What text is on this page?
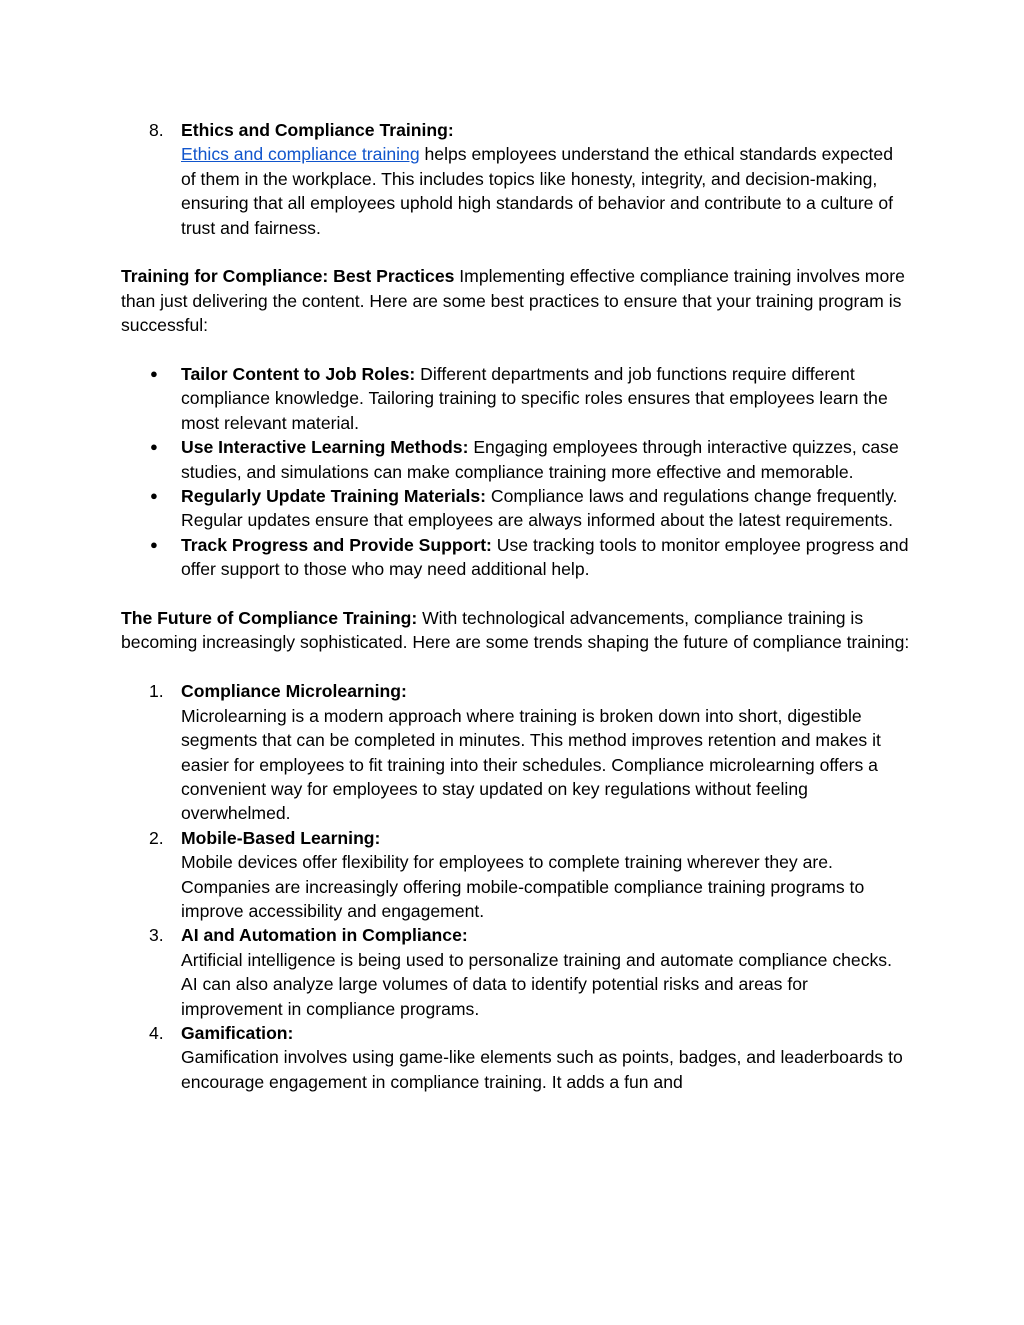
8. Ethics and Compliance Training:
Ethics and compliance training helps employees understand the ethical standards expected of them in the workplace. This includes topics like honesty, integrity, and decision-making, ensuring that all employees uphold high standards of behavior and contribute to a culture of trust and fairness.

Training for Compliance: Best Practices Implementing effective compliance training involves more than just delivering the content. Here are some best practices to ensure that your training program is successful:

● Tailor Content to Job Roles: Different departments and job functions require different compliance knowledge. Tailoring training to specific roles ensures that employees learn the most relevant material.
● Use Interactive Learning Methods: Engaging employees through interactive quizzes, case studies, and simulations can make compliance training more effective and memorable.
● Regularly Update Training Materials: Compliance laws and regulations change frequently. Regular updates ensure that employees are always informed about the latest requirements.
● Track Progress and Provide Support: Use tracking tools to monitor employee progress and offer support to those who may need additional help.

The Future of Compliance Training: With technological advancements, compliance training is becoming increasingly sophisticated. Here are some trends shaping the future of compliance training:

1. Compliance Microlearning:
Microlearning is a modern approach where training is broken down into short, digestible segments that can be completed in minutes. This method improves retention and makes it easier for employees to fit training into their schedules. Compliance microlearning offers a convenient way for employees to stay updated on key regulations without feeling overwhelmed.
2. Mobile-Based Learning:
Mobile devices offer flexibility for employees to complete training wherever they are. Companies are increasingly offering mobile-compatible compliance training programs to improve accessibility and engagement.
3. AI and Automation in Compliance:
Artificial intelligence is being used to personalize training and automate compliance checks. AI can also analyze large volumes of data to identify potential risks and areas for improvement in compliance programs.
4. Gamification:
Gamification involves using game-like elements such as points, badges, and leaderboards to encourage engagement in compliance training. It adds a fun and
